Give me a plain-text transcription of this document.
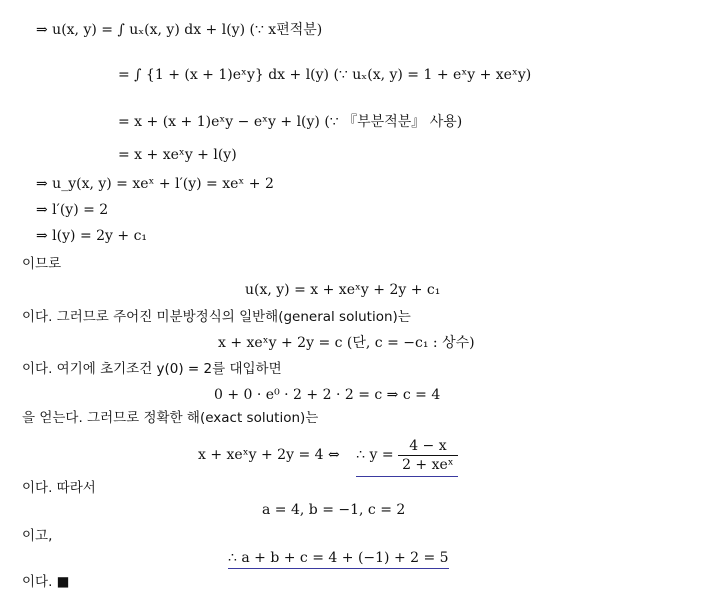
⇒ u(x, y) = ∫ uₓ(x, y) dx + l(y) (∵ x편적분)
= ∫ {1 + (x + 1)eˣy} dx + l(y) (∵ uₓ(x, y) = 1 + eˣy + xeˣy)
= x + (x + 1)eˣy − eˣy + l(y) (∵ 『부분적분』 사용)
= x + xeˣy + l(y)
⇒ u_y(x, y) = xeˣ + l′(y) = xeˣ + 2
⇒ l′(y) = 2
⇒ l(y) = 2y + c₁
이므로
u(x, y) = x + xeˣy + 2y + c₁
이다. 그러므로 주어진 미분방정식의 일반해(general solution)는
x + xeˣy + 2y = c (단, c = −c₁ : 상수)
이다. 여기에 초기조건 y(0) = 2를 대입하면
0 + 0 · e⁰ · 2 + 2 · 2 = c ⇒ c = 4
을 얻는다. 그러므로 정확한 해(exact solution)는
x + xeˣy + 2y = 4 ⇔ ∴ $y = \frac{4 - x}{\text{2 + xeˣ}}$
이다. 따라서
a = 4, b = −1, c = 2
이고,
∴ a + b + c = 4 + (−1) + 2 = 5
이다. ■
